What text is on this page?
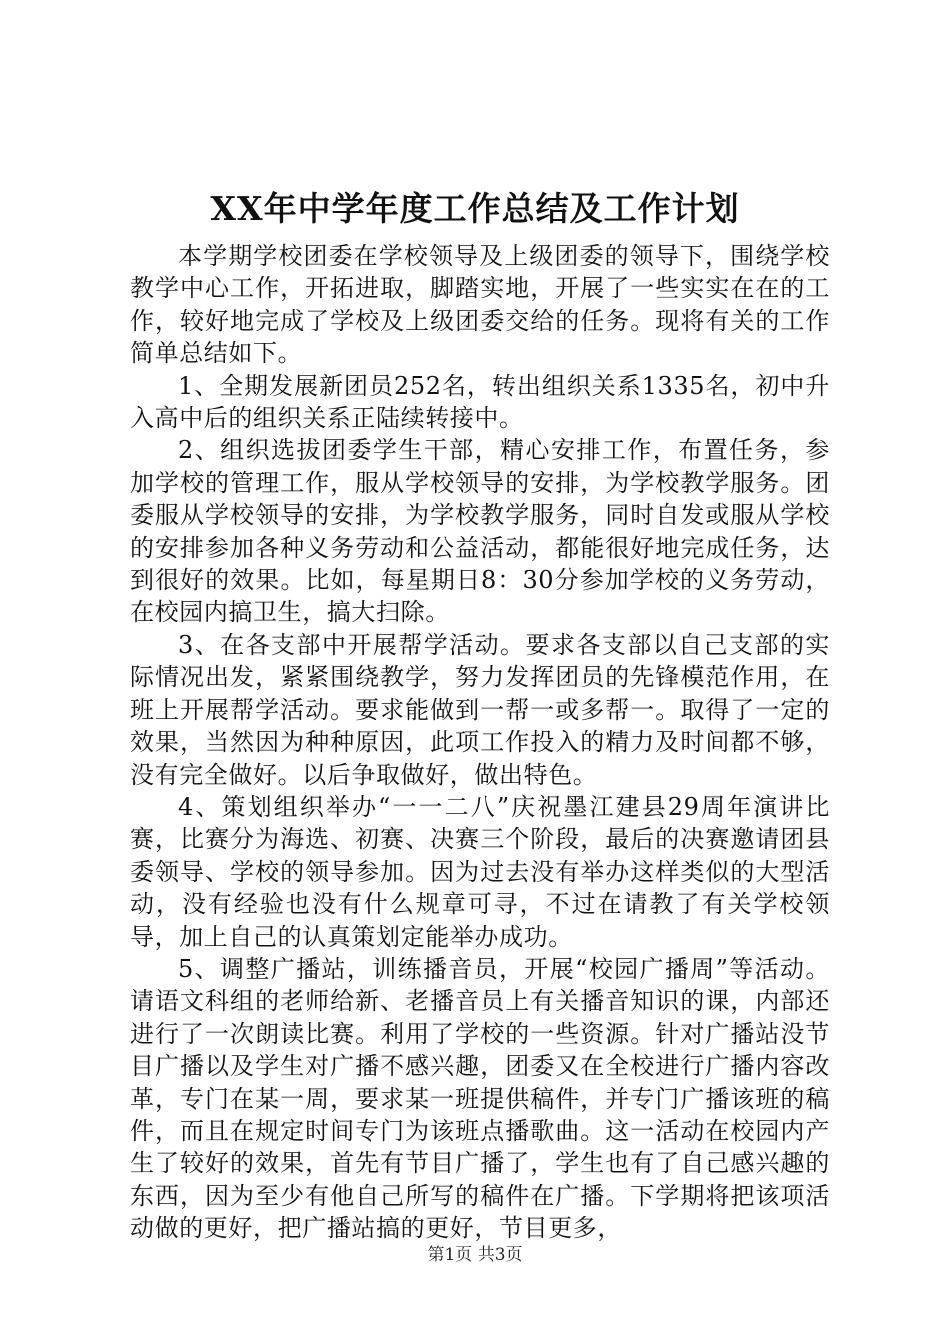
XX年中学年度工作总结及工作计划

本学期学校团委在学校领导及上级团委的领导下，围绕学校教学中心工作，开拓进取，脚踏实地，开展了一些实实在在的工作，较好地完成了学校及上级团委交给的任务。现将有关的工作简单总结如下。

1、全期发展新团员252名，转出组织关系1335名，初中升入高中后的组织关系正陆续转接中。

2、组织选拔团委学生干部，精心安排工作，布置任务，参加学校的管理工作，服从学校领导的安排，为学校教学服务。团委服从学校领导的安排，为学校教学服务，同时自发或服从学校的安排参加各种义务劳动和公益活动，都能很好地完成任务，达到很好的效果。比如，每星期日8：30分参加学校的义务劳动，在校园内搞卫生，搞大扫除。

3、在各支部中开展帮学活动。要求各支部以自己支部的实际情况出发，紧紧围绕教学，努力发挥团员的先锋模范作用，在班上开展帮学活动。要求能做到一帮一或多帮一。取得了一定的效果，当然因为种种原因，此项工作投入的精力及时间都不够，没有完全做好。以后争取做好，做出特色。

4、策划组织举办“一一二八”庆祝墨江建县29周年演讲比赛，比赛分为海选、初赛、决赛三个阶段，最后的决赛邀请团县委领导、学校的领导参加。因为过去没有举办这样类似的大型活动，没有经验也没有什么规章可寻，不过在请教了有关学校领导，加上自己的认真策划定能举办成功。

5、调整广播站，训练播音员，开展“校园广播周”等活动。请语文科组的老师给新、老播音员上有关播音知识的课，内部还进行了一次朗读比赛。利用了学校的一些资源。针对广播站没节目广播以及学生对广播不感兴趣，团委又在全校进行广播内容改革，专门在某一周，要求某一班提供稿件，并专门广播该班的稿件，而且在规定时间专门为该班点播歌曲。这一活动在校园内产生了较好的效果，首先有节目广播了，学生也有了自己感兴趣的东西，因为至少有他自己所写的稿件在广播。下学期将把该项活动做的更好，把广播站搞的更好，节目更多，

第1页 共3页
